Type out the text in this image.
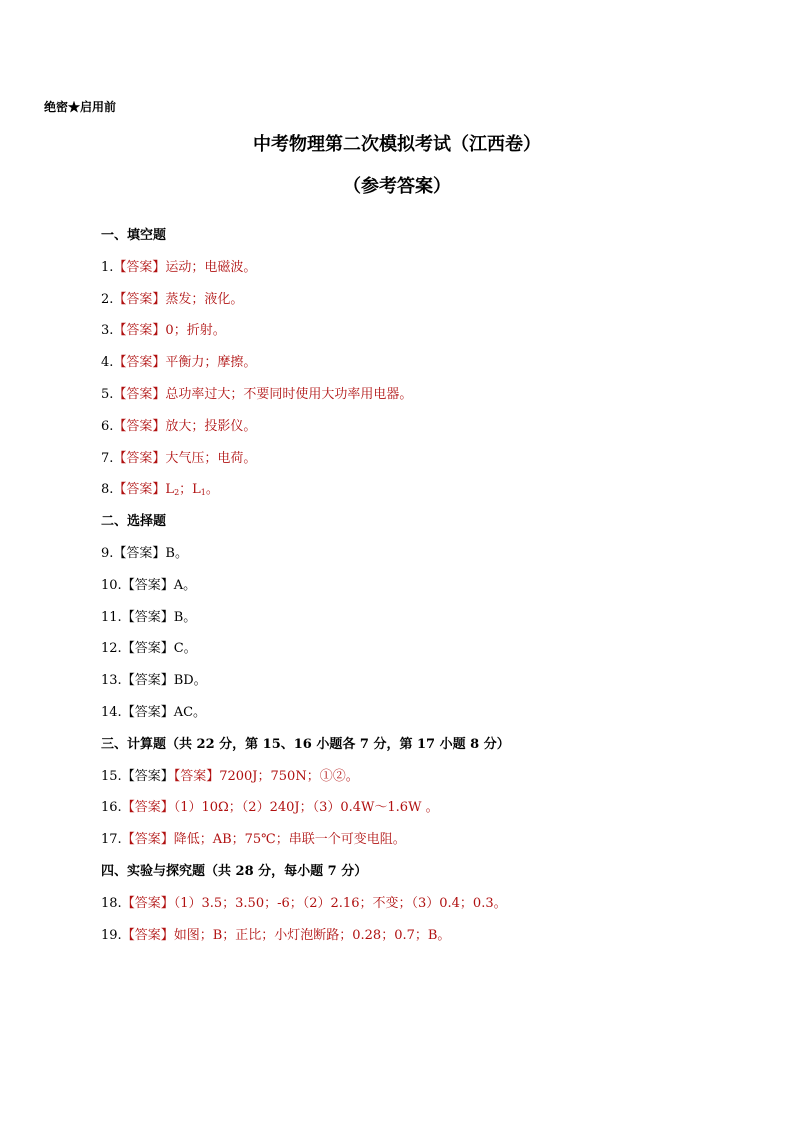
绝密★启用前
中考物理第二次模拟考试（江西卷）
（参考答案）
一、填空题
1.【答案】运动；电磁波。
2.【答案】蒸发；液化。
3.【答案】0；折射。
4.【答案】平衡力；摩擦。
5.【答案】总功率过大；不要同时使用大功率用电器。
6.【答案】放大；投影仪。
7.【答案】大气压；电荷。
8.【答案】$L_2$；$L_1$。
二、选择题
9.【答案】B。
10.【答案】A。
11.【答案】B。
12.【答案】C。
13.【答案】BD。
14.【答案】AC。
三、计算题（共 22 分，第 15、16 小题各 7 分，第 17 小题 8 分）
15.【答案】【答案】7200J；750N；①②。
16.【答案】（1）10Ω；（2）240J；（3）0.4W～1.6W 。
17.【答案】降低；AB；75℃；串联一个可变电阻。
四、实验与探究题（共 28 分，每小题 7 分）
18.【答案】（1）3.5；3.50；-6；（2）2.16；不变；（3）0.4；0.3。
19.【答案】如图；B；正比；小灯泡断路；0.28；0.7；B。
